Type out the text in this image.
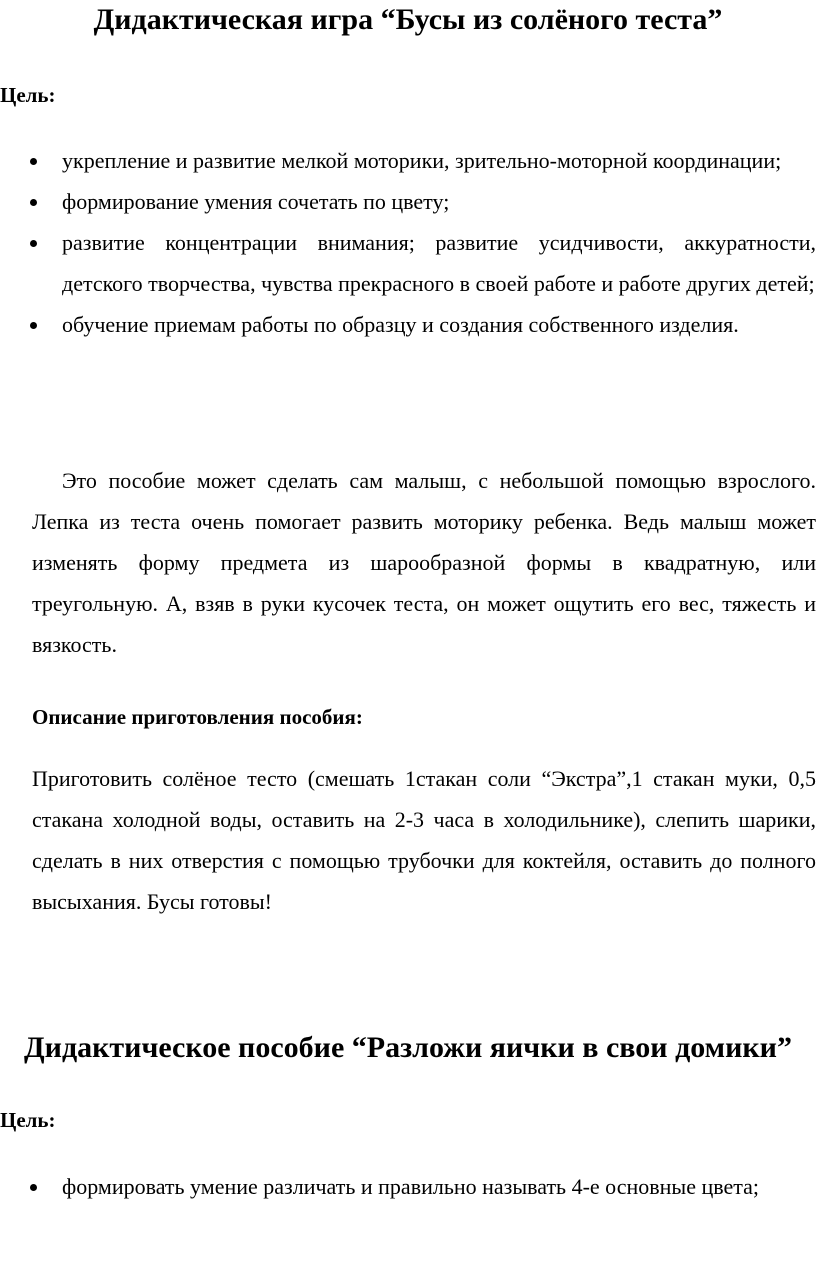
Дидактическая игра “Бусы из солёного теста”
Цель:
укрепление и развитие мелкой моторики, зрительно-моторной координации;
формирование умения сочетать по цвету;
развитие концентрации внимания; развитие усидчивости, аккуратности, детского творчества, чувства прекрасного в своей работе и работе других детей;
обучение приемам работы по образцу и создания собственного изделия.

Это пособие может сделать сам малыш, с небольшой помощью взрослого. Лепка из теста очень помогает развить моторику ребенка. Ведь малыш может изменять форму предмета из шарообразной формы в квадратную, или треугольную. А, взяв в руки кусочек теста, он может ощутить его вес, тяжесть и вязкость.

Описание приготовления пособия:

Приготовить солёное тесто (смешать 1стакан соли “Экстра”,1 стакан муки, 0,5 стакана холодной воды, оставить на 2-3 часа в холодильнике), слепить шарики, сделать в них отверстия с помощью трубочки для коктейля, оставить до полного высыхания. Бусы готовы!

Дидактическое пособие “Разложи яички в свои домики”
Цель:
формировать умение различать и правильно называть 4-е основные цвета;
